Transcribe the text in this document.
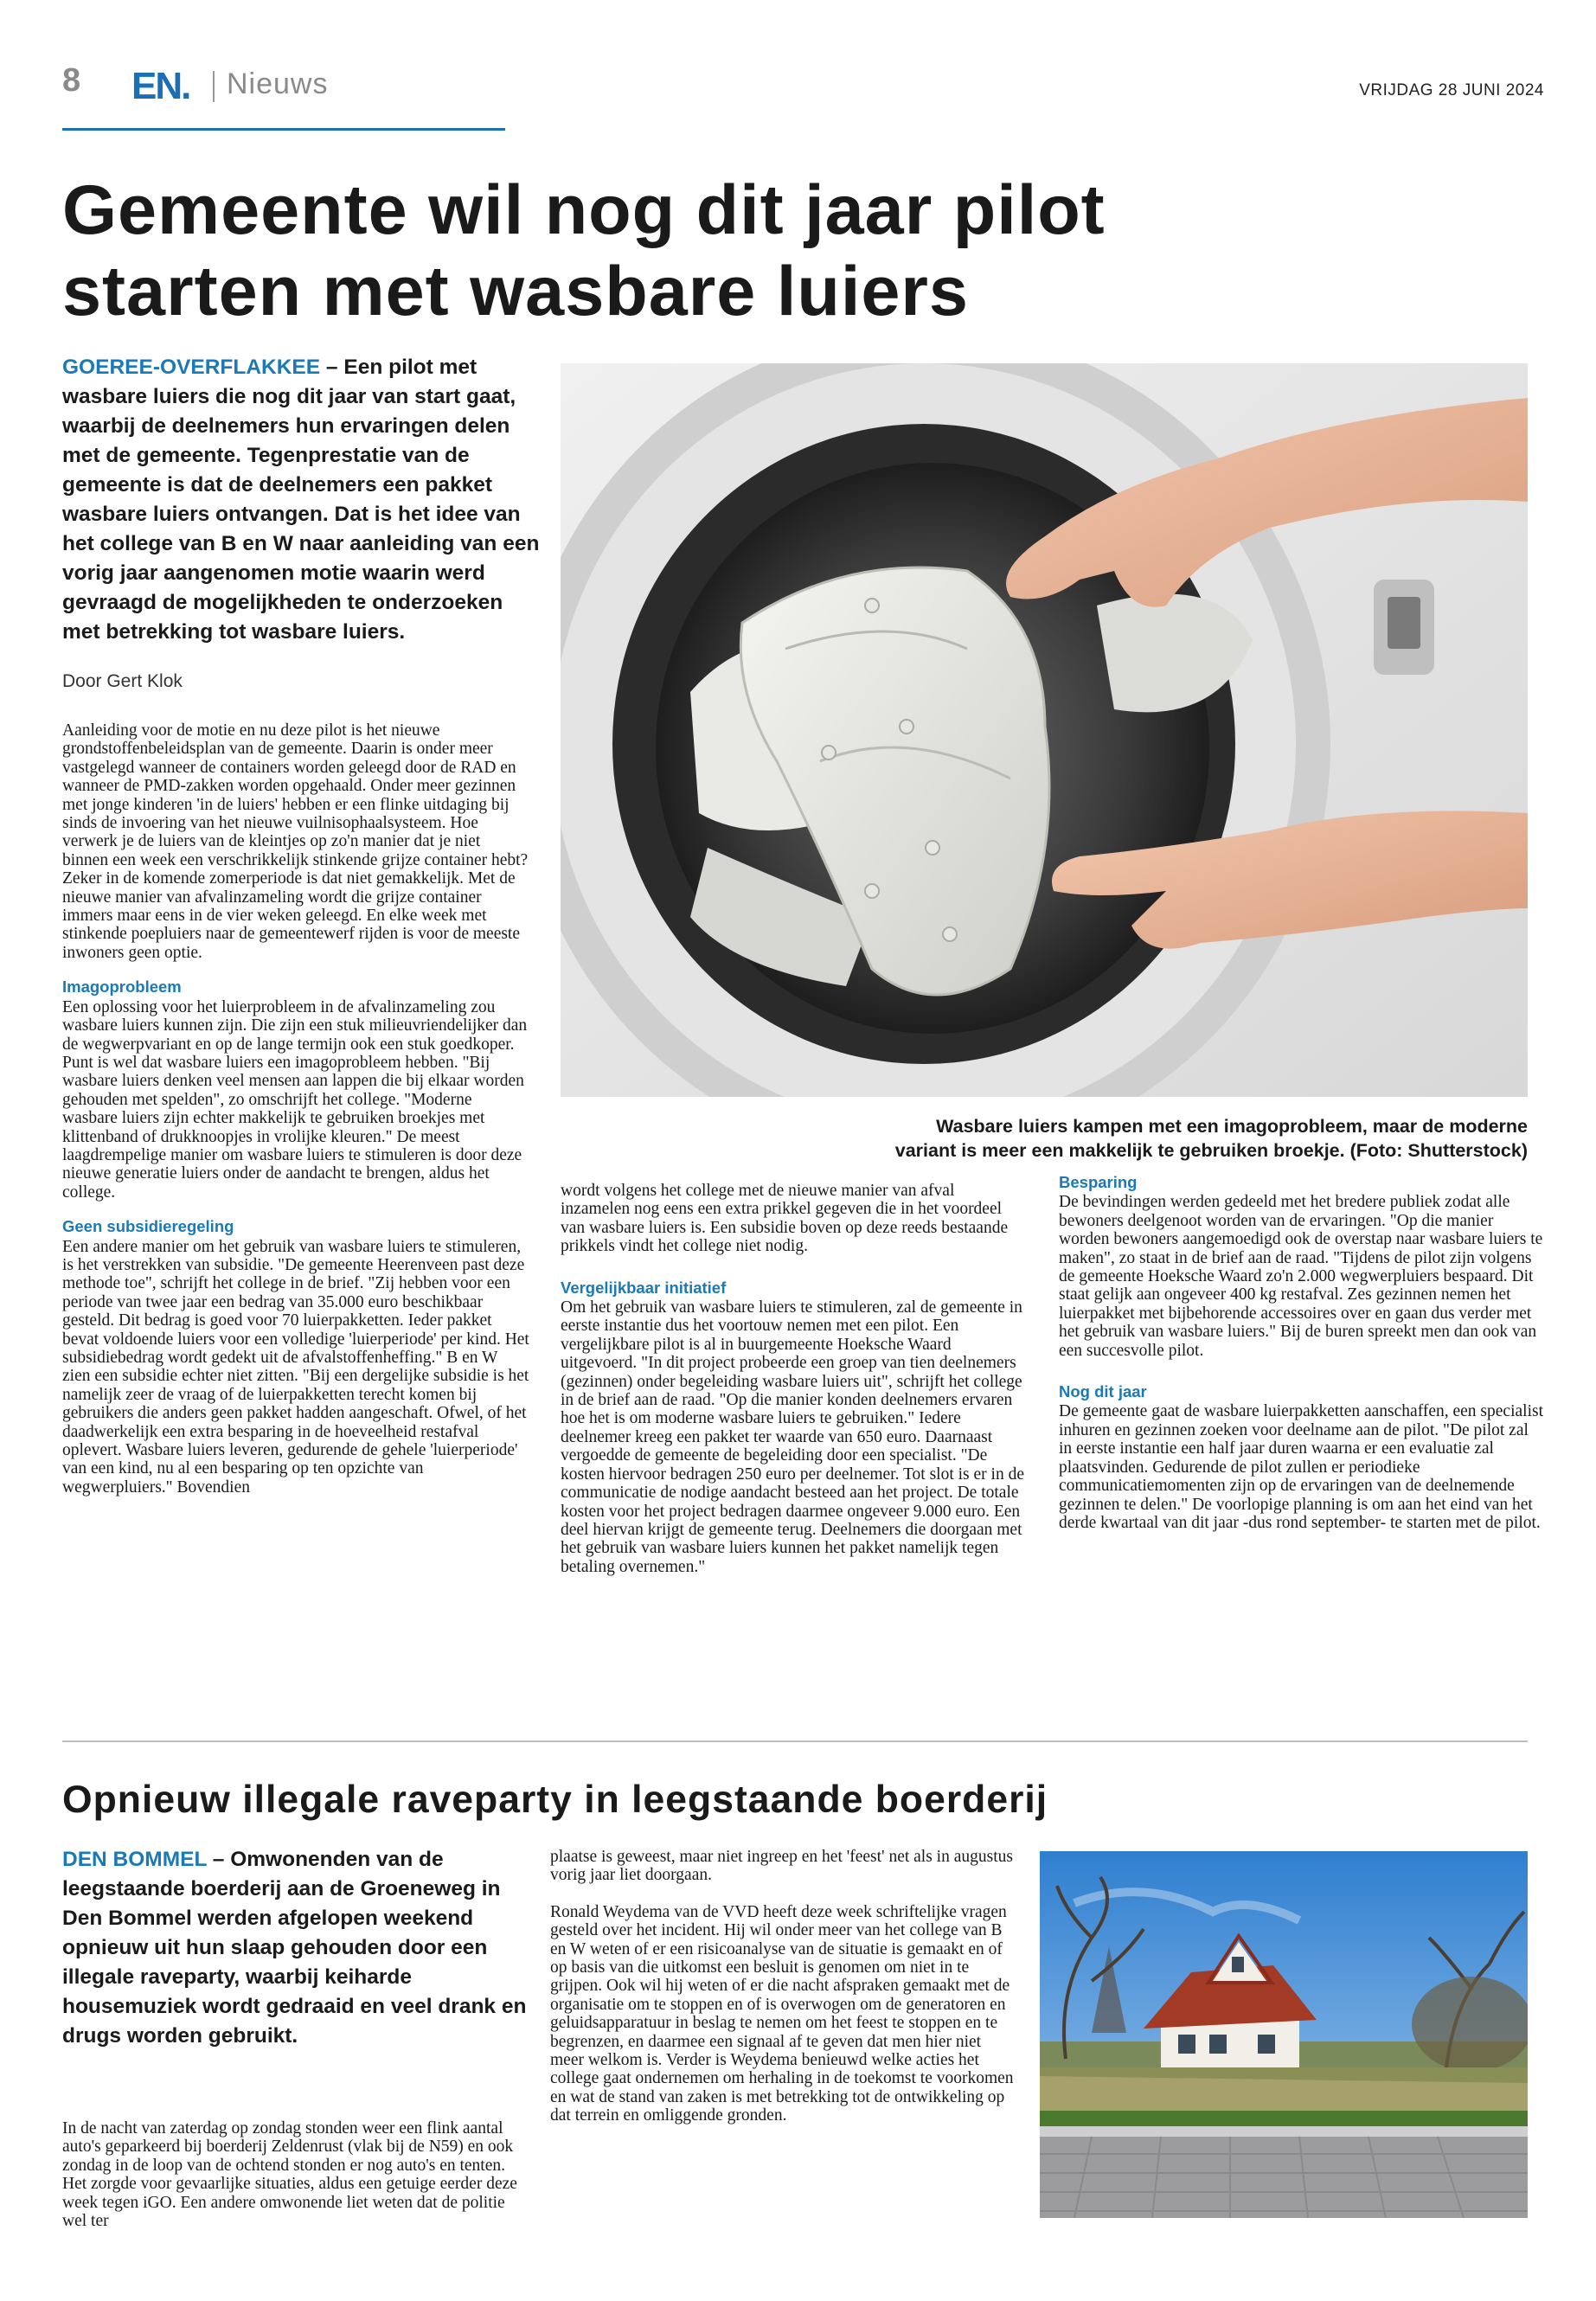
8 EN. Nieuws	VRIJDAG 28 JUNI 2024
Gemeente wil nog dit jaar pilot
starten met wasbare luiers
GOEREE-OVERFLAKKEE – Een pilot met wasbare luiers die nog dit jaar van start gaat, waarbij de deelnemers hun ervaringen delen met de gemeente. Tegenprestatie van de gemeente is dat de deelnemers een pakket wasbare luiers ontvangen. Dat is het idee van het college van B en W naar aanleiding van een vorig jaar aangenomen motie waarin werd gevraagd de mogelijkheden te onderzoeken met betrekking tot wasbare luiers.
Door Gert Klok

Aanleiding voor de motie en nu deze pilot is het nieuwe grondstoffenbeleidsplan van de gemeente. Daarin is onder meer vastgelegd wanneer de containers worden geleegd door de RAD en wanneer de PMD-zakken worden opgehaald. Onder meer gezinnen met jonge kinderen 'in de luiers' hebben er een flinke uitdaging bij sinds de invoering van het nieuwe vuilnisophaalsysteem. Hoe verwerk je de luiers van de kleintjes op zo'n manier dat je niet binnen een week een verschrikkelijk stinkende grijze container hebt? Zeker in de komende zomerperiode is dat niet gemakkelijk. Met de nieuwe manier van afvalinzameling wordt die grijze container immers maar eens in de vier weken geleegd. En elke week met stinkende poepluiers naar de gemeentewerf rijden is voor de meeste inwoners geen optie.

Imagoprobleem

Een oplossing voor het luierprobleem in de afvalinzameling zou wasbare luiers kunnen zijn. Die zijn een stuk milieuvriendelijker dan de wegwerpvariant en op de lange termijn ook een stuk goedkoper. Punt is wel dat wasbare luiers een imagoprobleem hebben. "Bij wasbare luiers denken veel mensen aan lappen die bij elkaar worden gehouden met spelden", zo omschrijft het college. "Moderne wasbare luiers zijn echter makkelijk te gebruiken broekjes met klittenband of drukknoopjes in vrolijke kleuren." De meest laagdrempelige manier om wasbare luiers te stimuleren is door deze nieuwe generatie luiers onder de aandacht te brengen, aldus het college.

Geen subsidieregeling

Een andere manier om het gebruik van wasbare luiers te stimuleren, is het verstrekken van subsidie. "De gemeente Heerenveen past deze methode toe", schrijft het college in de brief. "Zij hebben voor een periode van twee jaar een bedrag van 35.000 euro beschikbaar gesteld. Dit bedrag is goed voor 70 luierpakketten. Ieder pakket bevat voldoende luiers voor een volledige 'luierperiode' per kind. Het subsidiebedrag wordt gedekt uit de afvalstoffenheffing." B en W zien een subsidie echter niet zitten. "Bij een dergelijke subsidie is het namelijk zeer de vraag of de luierpakketten terecht komen bij gebruikers die anders geen pakket hadden aangeschaft. Ofwel, of het daadwerkelijk een extra besparing in de hoeveelheid restafval oplevert. Wasbare luiers leveren, gedurende de gehele 'luierperiode' van een kind, nu al een besparing op ten opzichte van wegwerpluiers." Bovendien

Wasbare luiers kampen met een imagoprobleem, maar de moderne
variant is meer een makkelijk te gebruiken broekje. (Foto: Shutterstock)

wordt volgens het college met de nieuwe manier van afval inzamelen nog eens een extra prikkel gegeven die in het voordeel van wasbare luiers is. Een subsidie boven op deze reeds bestaande prikkels vindt het college niet nodig.

Vergelijkbaar initiatief

Om het gebruik van wasbare luiers te stimuleren, zal de gemeente in eerste instantie dus het voortouw nemen met een pilot. Een vergelijkbare pilot is al in buurgemeente Hoeksche Waard uitgevoerd. "In dit project probeerde een groep van tien deelnemers (gezinnen) onder begeleiding wasbare luiers uit", schrijft het college in de brief aan de raad. "Op die manier konden deelnemers ervaren hoe het is om moderne wasbare luiers te gebruiken." Iedere deelnemer kreeg een pakket ter waarde van 650 euro. Daarnaast vergoedde de gemeente de begeleiding door een specialist. "De kosten hiervoor bedragen 250 euro per deelnemer. Tot slot is er in de communicatie de nodige aandacht besteed aan het project. De totale kosten voor het project bedragen daarmee ongeveer 9.000 euro. Een deel hiervan krijgt de gemeente terug. Deelnemers die doorgaan met het gebruik van wasbare luiers kunnen het pakket namelijk tegen betaling overnemen."

Besparing

De bevindingen werden gedeeld met het bredere publiek zodat alle bewoners deelgenoot worden van de ervaringen. "Op die manier worden bewoners aangemoedigd ook de overstap naar wasbare luiers te maken", zo staat in de brief aan de raad. "Tijdens de pilot zijn volgens de gemeente Hoeksche Waard zo'n 2.000 wegwerpluiers bespaard. Dit staat gelijk aan ongeveer 400 kg restafval. Zes gezinnen nemen het luierpakket met bijbehorende accessoires over en gaan dus verder met het gebruik van wasbare luiers." Bij de buren spreekt men dan ook van een succesvolle pilot.

Nog dit jaar

De gemeente gaat de wasbare luierpakketten aanschaffen, een specialist inhuren en gezinnen zoeken voor deelname aan de pilot. "De pilot zal in eerste instantie een half jaar duren waarna er een evaluatie zal plaatsvinden. Gedurende de pilot zullen er periodieke communicatiemomenten zijn op de ervaringen van de deelnemende gezinnen te delen." De voorlopige planning is om aan het eind van het derde kwartaal van dit jaar -dus rond september- te starten met de pilot.

Opnieuw illegale raveparty in leegstaande boerderij
DEN BOMMEL – Omwonenden van de leegstaande boerderij aan de Groeneweg in Den Bommel werden afgelopen weekend opnieuw uit hun slaap gehouden door een illegale raveparty, waarbij keiharde housemuziek wordt gedraaid en veel drank en drugs worden gebruikt.

In de nacht van zaterdag op zondag stonden weer een flink aantal auto's geparkeerd bij boerderij Zeldenrust (vlak bij de N59) en ook zondag in de loop van de ochtend stonden er nog auto's en tenten. Het zorgde voor gevaarlijke situaties, aldus een getuige eerder deze week tegen iGO. Een andere omwonende liet weten dat de politie wel ter

plaatse is geweest, maar niet ingreep en het 'feest' net als in augustus vorig jaar liet doorgaan.

Ronald Weydema van de VVD heeft deze week schriftelijke vragen gesteld over het incident. Hij wil onder meer van het college van B en W weten of er een risicoanalyse van de situatie is gemaakt en of op basis van die uitkomst een besluit is genomen om niet in te grijpen. Ook wil hij weten of er die nacht afspraken gemaakt met de organisatie om te stoppen en of is overwogen om de generatoren en geluidsapparatuur in beslag te nemen om het feest te stoppen en te begrenzen, en daarmee een signaal af te geven dat men hier niet meer welkom is. Verder is Weydema benieuwd welke acties het college gaat ondernemen om herhaling in de toekomst te voorkomen en wat de stand van zaken is met betrekking tot de ontwikkeling op dat terrein en omliggende gronden.
